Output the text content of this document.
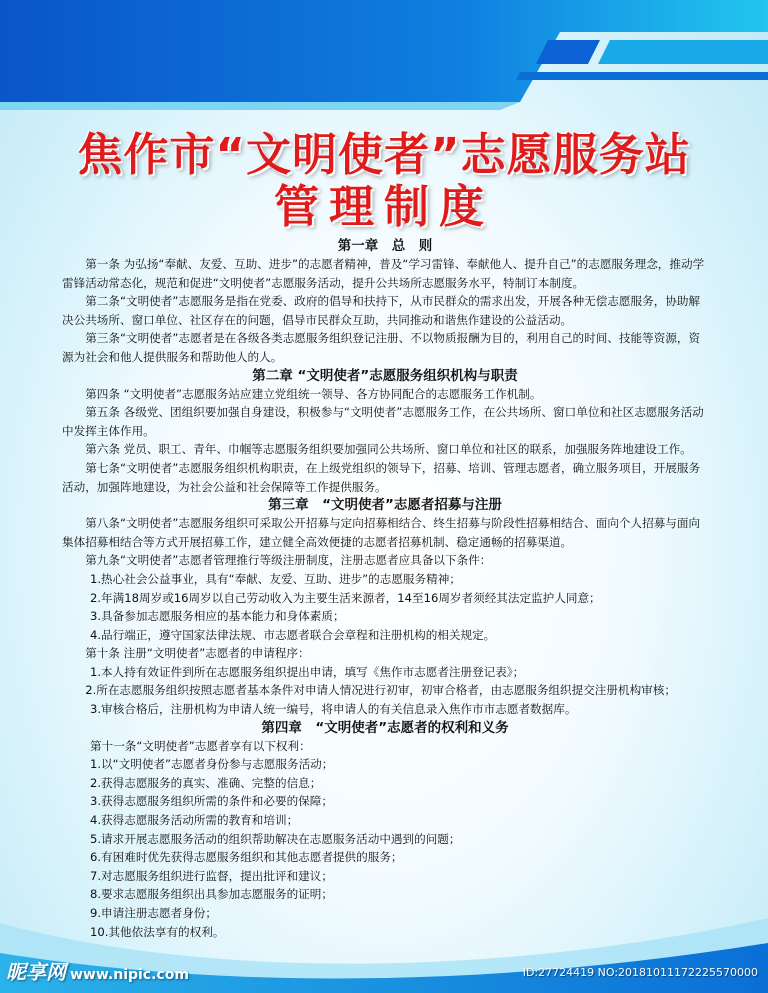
焦作市“文明使者”志愿服务站
管理制度

第一章　总　则

第一条 为弘扬“奉献、友爱、互助、进步”的志愿者精神，普及“学习雷锋、奉献他人、提升自己”的志愿服务理念，推动学雷锋活动常态化，规范和促进“文明使者”志愿服务活动，提升公共场所志愿服务水平，特制订本制度。

第二条“文明使者”志愿服务是指在党委、政府的倡导和扶持下，从市民群众的需求出发，开展各种无偿志愿服务，协助解决公共场所、窗口单位、社区存在的问题，倡导市民群众互助，共同推动和谐焦作建设的公益活动。

第三条“文明使者”志愿者是在各级各类志愿服务组织登记注册、不以物质报酬为目的，利用自己的时间、技能等资源，资源为社会和他人提供服务和帮助他人的人。

第二章 “文明使者”志愿服务组织机构与职责

第四条 “文明使者”志愿服务站应建立党组统一领导、各方协同配合的志愿服务工作机制。

第五条 各级党、团组织要加强自身建设，积极参与“文明使者”志愿服务工作，在公共场所、窗口单位和社区志愿服务活动中发挥主体作用。

第六条 党员、职工、青年、巾帼等志愿服务组织要加强同公共场所、窗口单位和社区的联系，加强服务阵地建设工作。

第七条“文明使者”志愿服务组织机构职责，在上级党组织的领导下，招募、培训、管理志愿者，确立服务项目，开展服务活动，加强阵地建设，为社会公益和社会保障等工作提供服务。

第三章　“文明使者”志愿者招募与注册

第八条“文明使者”志愿服务组织可采取公开招募与定向招募相结合、终生招募与阶段性招募相结合、面向个人招募与面向集体招募相结合等方式开展招募工作，建立健全高效便捷的志愿者招募机制、稳定通畅的招募渠道。

第九条“文明使者”志愿者管理推行等级注册制度，注册志愿者应具备以下条件：

1.热心社会公益事业，具有“奉献、友爱、互助、进步”的志愿服务精神；

2.年满18周岁或16周岁以自己劳动收入为主要生活来源者，14至16周岁者须经其法定监护人同意；

3.具备参加志愿服务相应的基本能力和身体素质；

4.品行端正，遵守国家法律法规、市志愿者联合会章程和注册机构的相关规定。

第十条 注册“文明使者”志愿者的申请程序：

1.本人持有效证件到所在志愿服务组织提出申请，填写《焦作市志愿者注册登记表》；

2.所在志愿服务组织按照志愿者基本条件对申请人情况进行初审，初审合格者，由志愿服务组织提交注册机构审核；

3.审核合格后，注册机构为申请人统一编号，将申请人的有关信息录入焦作市市志愿者数据库。

第四章　“文明使者”志愿者的权利和义务

第十一条“文明使者”志愿者享有以下权利：

1.以“文明使者”志愿者身份参与志愿服务活动；

2.获得志愿服务的真实、准确、完整的信息；

3.获得志愿服务组织所需的条件和必要的保障；

4.获得志愿服务活动所需的教育和培训；

5.请求开展志愿服务活动的组织帮助解决在志愿服务活动中遇到的问题；

6.有困难时优先获得志愿服务组织和其他志愿者提供的服务；

7.对志愿服务组织进行监督，提出批评和建议；

8.要求志愿服务组织出具参加志愿服务的证明；

9.申请注册志愿者身份；

10.其他依法享有的权利。

昵享网 www.nipic.com	ID:27724419 NO:20181011172225570000
